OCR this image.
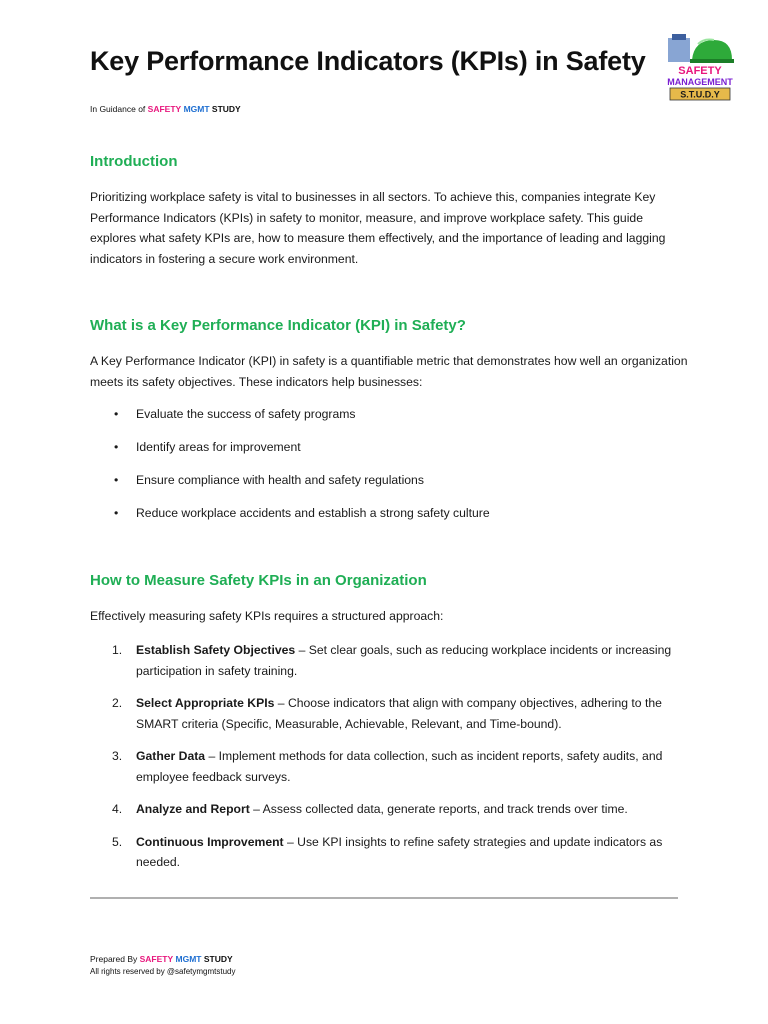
Key Performance Indicators (KPIs) in Safety
In Guidance of SAFETY MGMT STUDY
SAFETY
MANAGEMENT
S.T.U.D.Y
Introduction

Prioritizing workplace safety is vital to businesses in all sectors. To achieve this, companies integrate Key Performance Indicators (KPIs) in safety to monitor, measure, and improve workplace safety. This guide explores what safety KPIs are, how to measure them effectively, and the importance of leading and lagging indicators in fostering a secure work environment.

What is a Key Performance Indicator (KPI) in Safety?

A Key Performance Indicator (KPI) in safety is a quantifiable metric that demonstrates how well an organization meets its safety objectives. These indicators help businesses:

• Evaluate the success of safety programs
• Identify areas for improvement
• Ensure compliance with health and safety regulations
• Reduce workplace accidents and establish a strong safety culture
How to Measure Safety KPIs in an Organization

Effectively measuring safety KPIs requires a structured approach:

1. Establish Safety Objectives – Set clear goals, such as reducing workplace incidents or increasing participation in safety training.
2. Select Appropriate KPIs – Choose indicators that align with company objectives, adhering to the SMART criteria (Specific, Measurable, Achievable, Relevant, and Time-bound).
3. Gather Data – Implement methods for data collection, such as incident reports, safety audits, and employee feedback surveys.
4. Analyze and Report – Assess collected data, generate reports, and track trends over time.
5. Continuous Improvement – Use KPI insights to refine safety strategies and update indicators as needed.
Prepared By SAFETY MGMT STUDY
All rights reserved by @safetymgmtstudy
